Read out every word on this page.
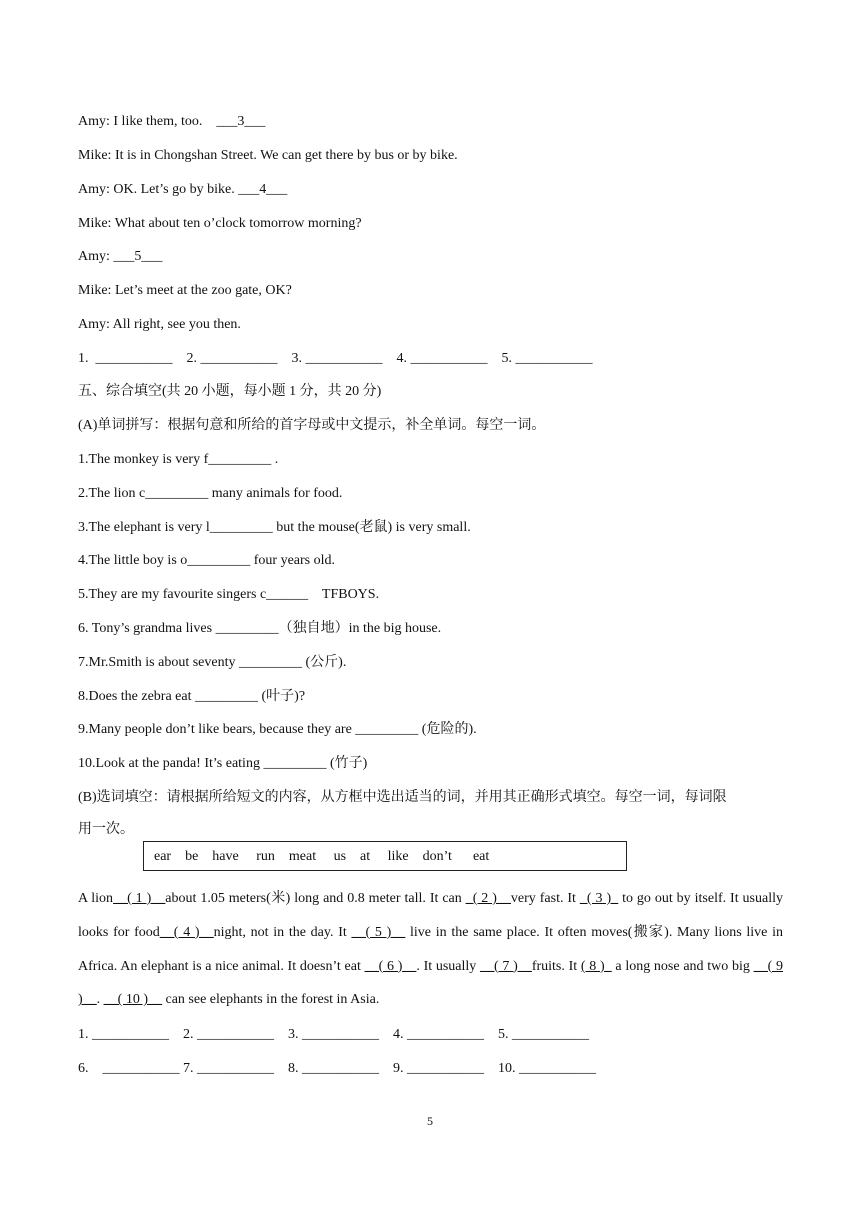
Amy: I like them, too.    ___3___
Mike: It is in Chongshan Street. We can get there by bus or by bike.
Amy: OK. Let’s go by bike. ___4___
Mike: What about ten o’clock tomorrow morning?
Amy: ___5___
Mike: Let’s meet at the zoo gate, OK?
Amy: All right, see you then.
1.  ___________    2. ___________    3. ___________    4. ___________    5. ___________
五、综合填空(共 20 小题，每小题 1 分，共 20 分)
(A)单词拼写：根据句意和所给的首字母或中文提示，补全单词。每空一词。
1.The monkey is very f_________ .
2.The lion c_________ many animals for food.
3.The elephant is very l_________ but the mouse(老鼠) is very small.
4.The little boy is o_________ four years old.
5.They are my favourite singers c______    TFBOYS.
6. Tony’s grandma lives _________（独自地）in the big house.
7.Mr.Smith is about seventy _________ (公斤).
8.Does the zebra eat _________ (叶子)?
9.Many people don’t like bears, because they are _________ (危险的).
10.Look at the panda! It’s eating _________ (竹子)
(B)选词填空：请根据所给短文的内容，从方框中选出适当的词，并用其正确形式填空。每空一词，每词限
用一次。
ear    be    have     run    meat     us    at     like    don’t      eat
A lion__( 1 )__about 1.05 meters(米) long and 0.8 meter tall. It can _( 2 )__very fast. It _( 3 )_ to go out by itself. It usually looks for food__( 4 )__night, not in the day. It __( 5 )__ live in the same place. It often moves(搬家). Many lions live in Africa. An elephant is a nice animal. It doesn’t eat __( 6 )__. It usually __( 7 )__fruits. It ( 8 )_ a long nose and two big __( 9 )__. __( 10 )__ can see elephants in the forest in Asia.
1. ___________    2. ___________    3. ___________    4. ___________    5. ___________
6.    ___________ 7. ___________    8. ___________    9. ___________    10. ___________
5
